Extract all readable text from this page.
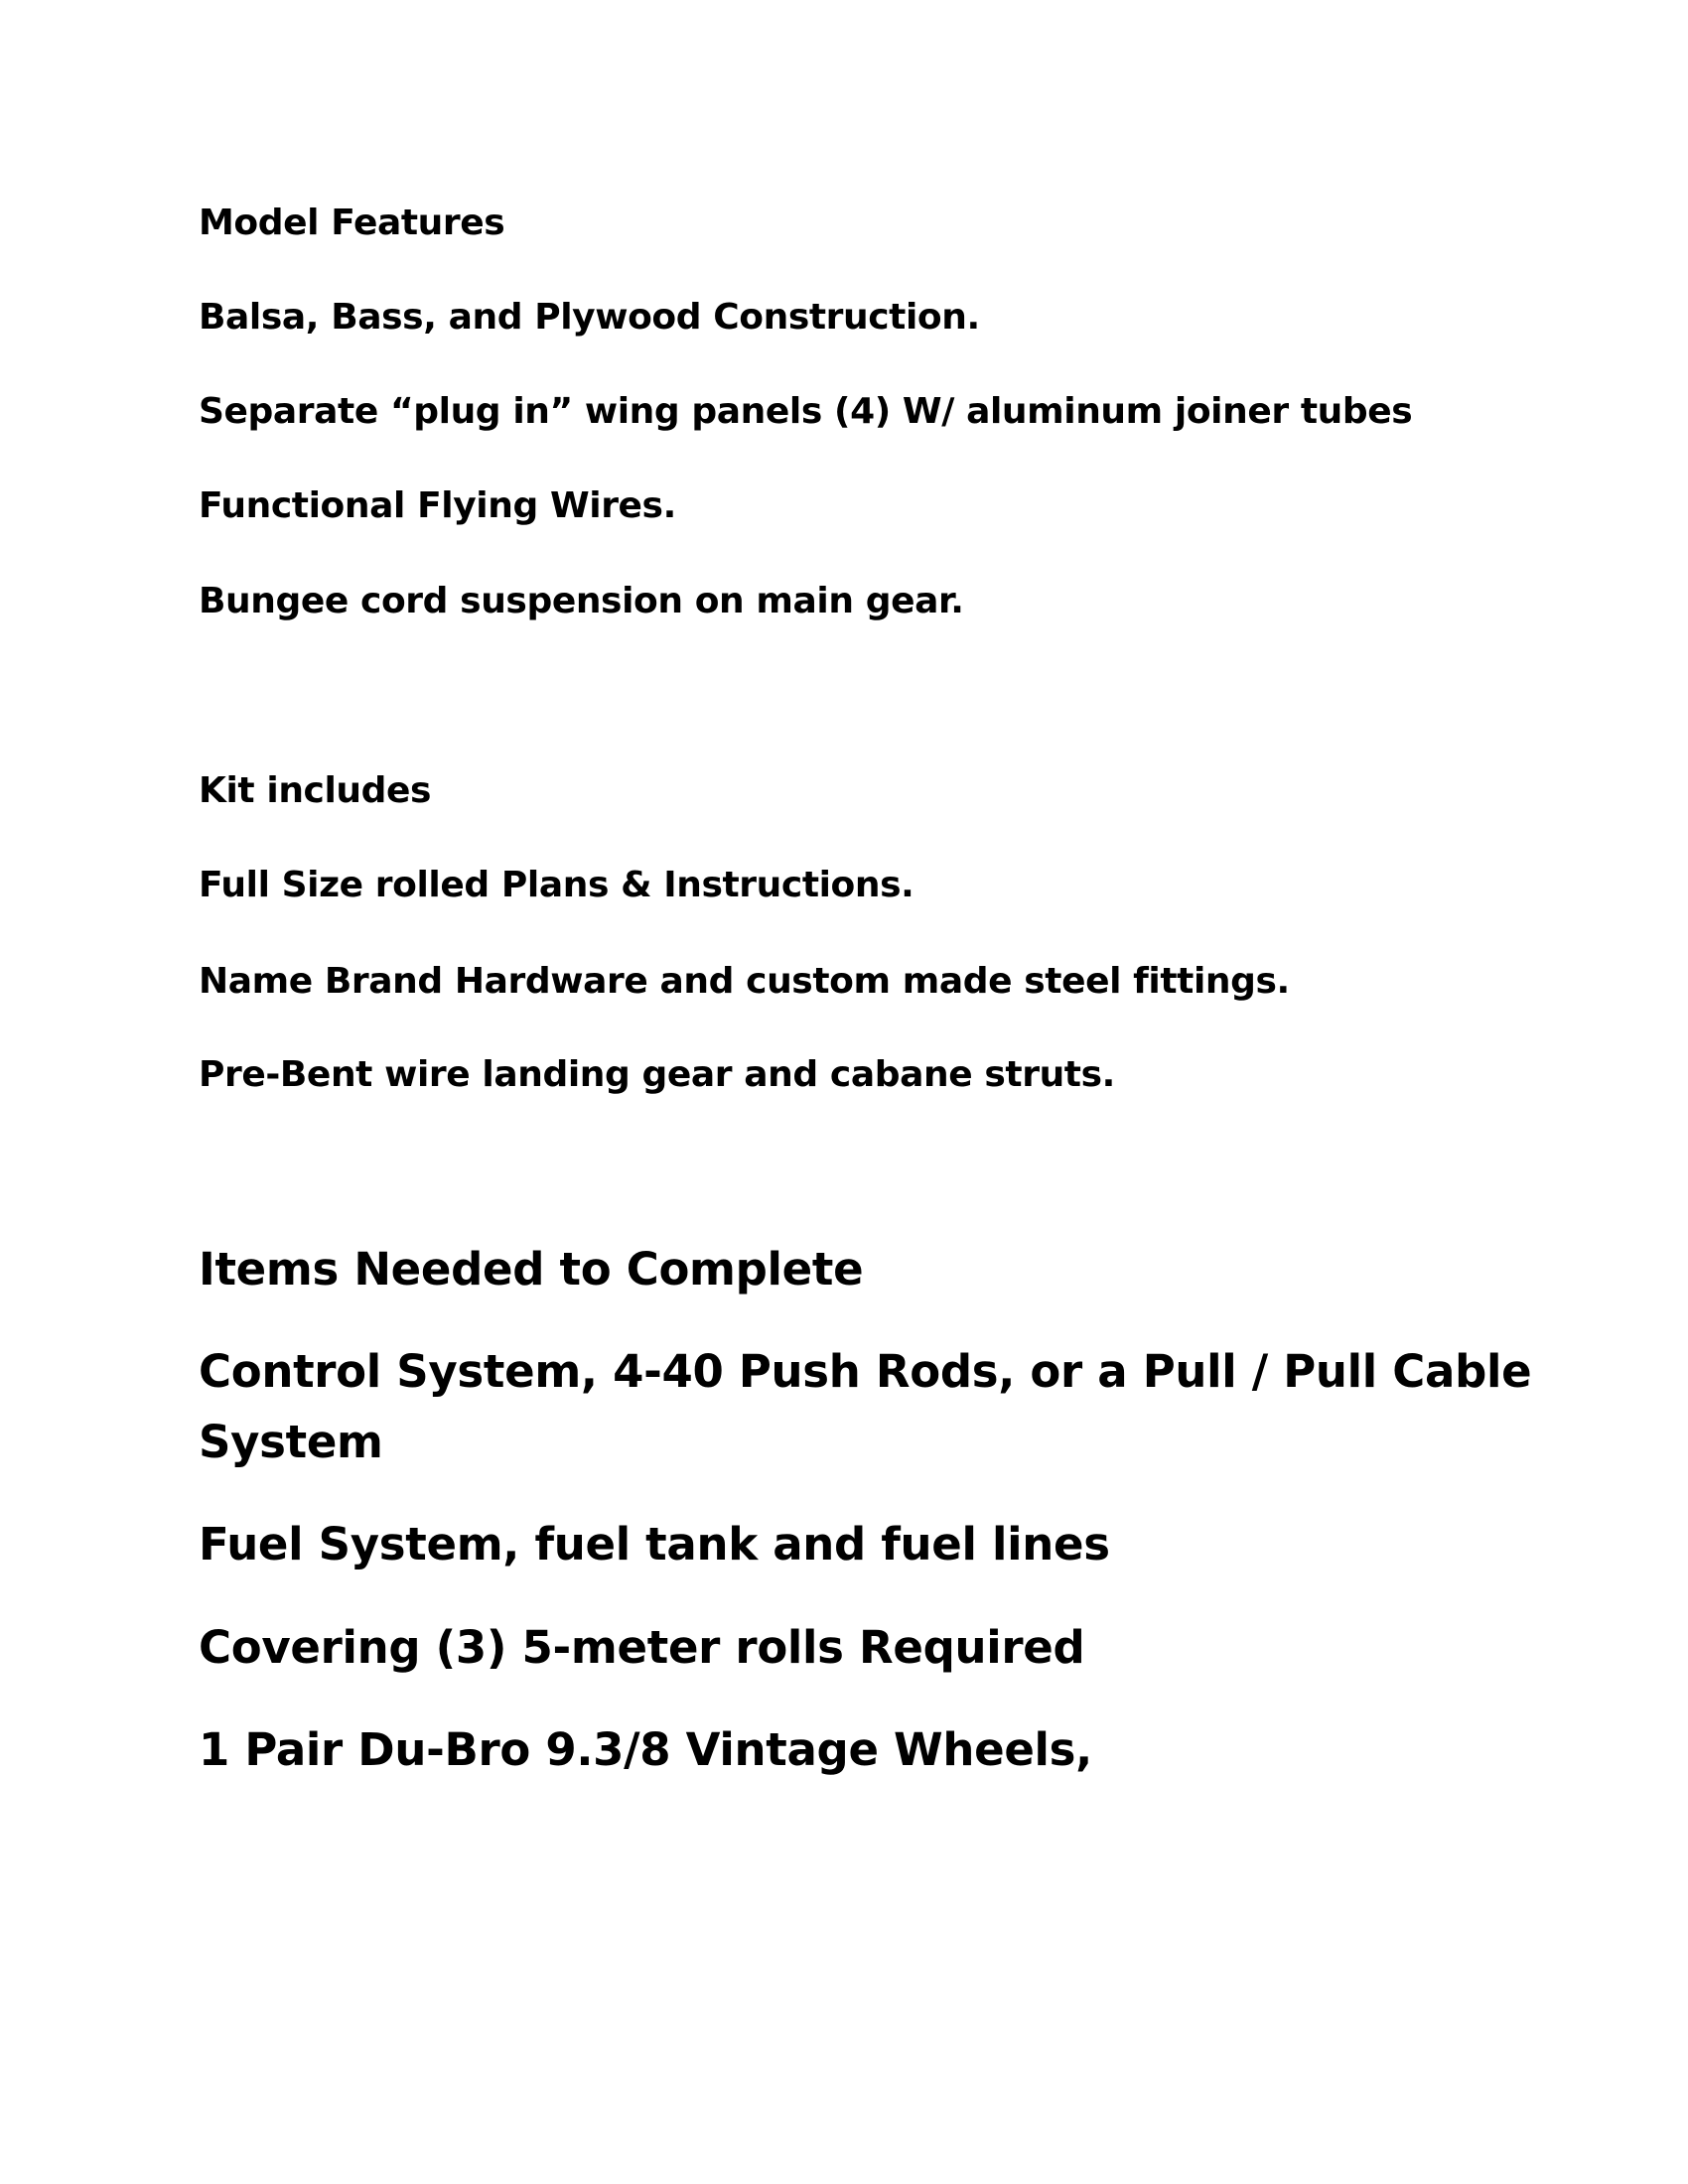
Model Features

Balsa, Bass, and Plywood Construction.

Separate “plug in” wing panels (4) W/ aluminum joiner tubes

Functional Flying Wires.

Bungee cord suspension on main gear.

Kit includes

Full Size rolled Plans & Instructions.

Name Brand Hardware and custom made steel fittings.

Pre-Bent wire landing gear and cabane struts.

Items Needed to Complete

Control System, 4-40 Push Rods, or a Pull / Pull Cable

System

Fuel System, fuel tank and fuel lines

Covering (3) 5-meter rolls Required

1 Pair Du-Bro 9.3/8 Vintage Wheels,
